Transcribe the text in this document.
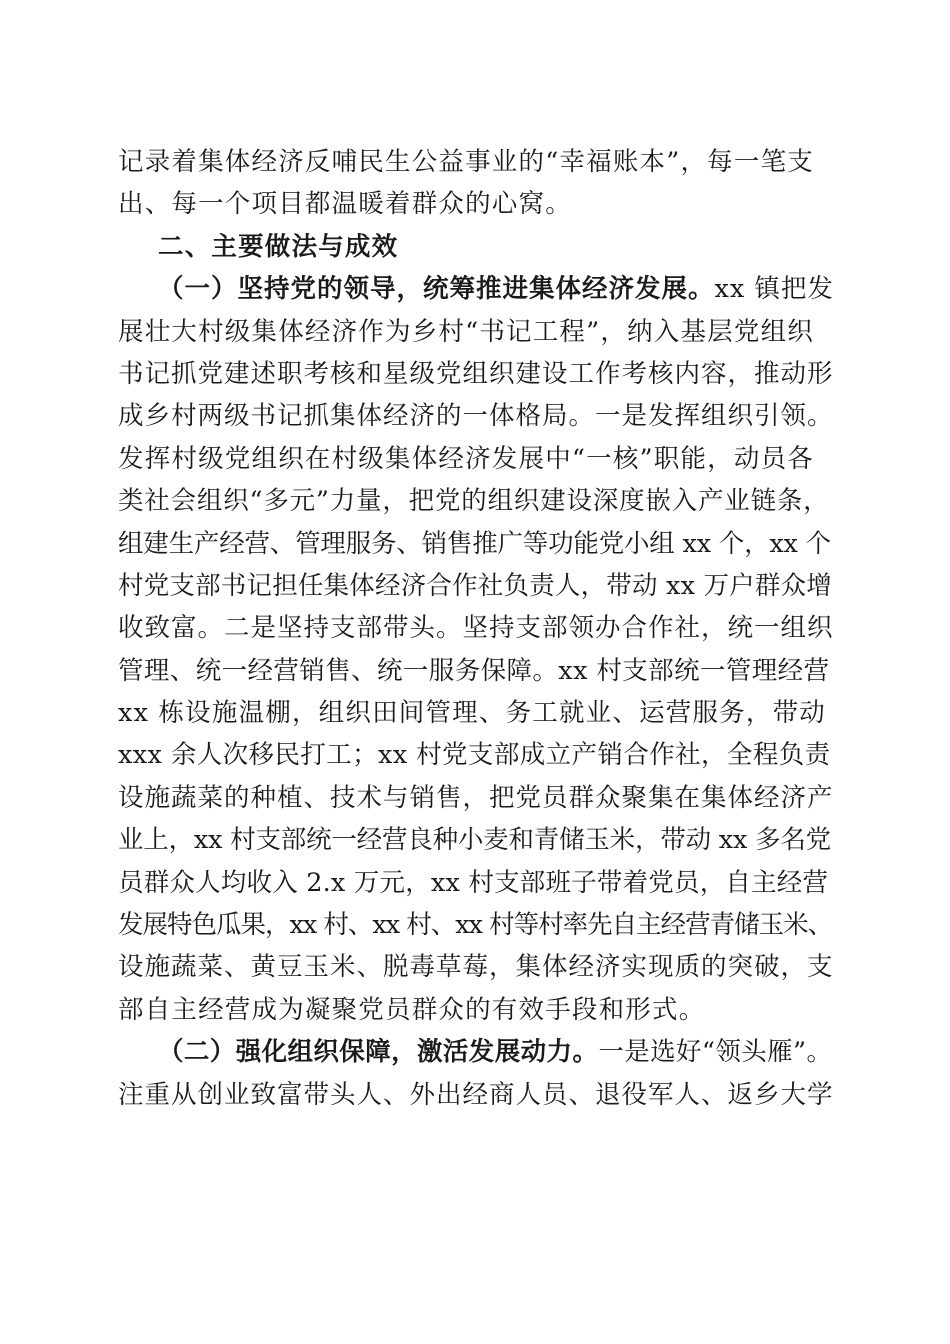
记录着集体经济反哺民生公益事业的“幸福账本”，每一笔支
出、每一个项目都温暖着群众的心窝。
二、主要做法与成效
（一）坚持党的领导，统筹推进集体经济发展。xx 镇把发
展壮大村级集体经济作为乡村“书记工程”，纳入基层党组织
书记抓党建述职考核和星级党组织建设工作考核内容，推动形
成乡村两级书记抓集体经济的一体格局。一是发挥组织引领。
发挥村级党组织在村级集体经济发展中“一核”职能，动员各
类社会组织“多元”力量，把党的组织建设深度嵌入产业链条，
组建生产经营、管理服务、销售推广等功能党小组 xx 个，xx 个
村党支部书记担任集体经济合作社负责人，带动 xx 万户群众增
收致富。二是坚持支部带头。坚持支部领办合作社，统一组织
管理、统一经营销售、统一服务保障。xx 村支部统一管理经营
xx 栋设施温棚，组织田间管理、务工就业、运营服务，带动
xxx 余人次移民打工；xx 村党支部成立产销合作社，全程负责
设施蔬菜的种植、技术与销售，把党员群众聚集在集体经济产
业上，xx 村支部统一经营良种小麦和青储玉米，带动 xx 多名党
员群众人均收入 2.x 万元，xx 村支部班子带着党员，自主经营
发展特色瓜果，xx 村、xx 村、xx 村等村率先自主经营青储玉米、
设施蔬菜、黄豆玉米、脱毒草莓，集体经济实现质的突破，支
部自主经营成为凝聚党员群众的有效手段和形式。
（二）强化组织保障，激活发展动力。一是选好“领头雁”。
注重从创业致富带头人、外出经商人员、退役军人、返乡大学
